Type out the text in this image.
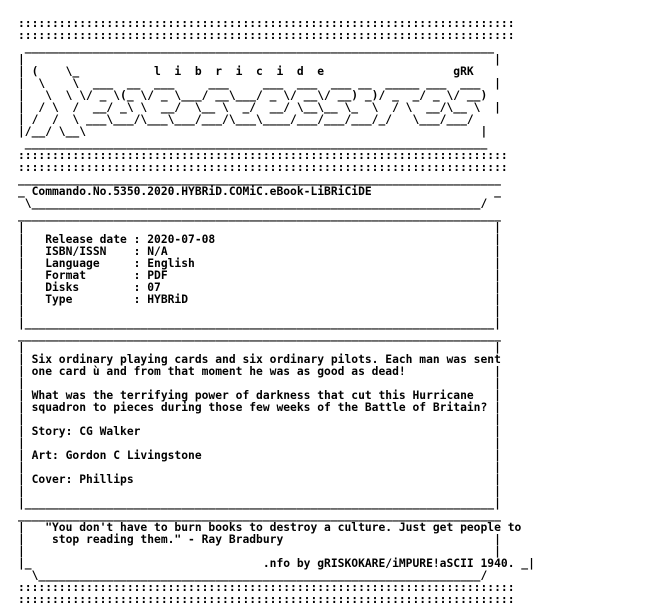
:::::::::::::::::::::::::::::::::::::::::::::::::::::::::::::::::::::::::
:::::::::::::::::::::::::::::::::::::::::::::::::::::::::::::::::::::::::
_____________________________________________________________________
|                                                                     |
| (    \_           l  i  b  r  i  c  i  d  e                   gRK
|  \    \  ___  __  ___     ___     ___  ___  ___ __  _____ ___  ___  |
|   \  \ \/ _ \(_ \/ _ \___/ __\___/ _ \/ __\/ __) _)/ _  _/ _ \/ __)
|  / \  /  __/ _\ \  __/  \__ \  _/  __/ \__\__ \_  \  / \  __/\__ \  |
| /  /  \ ___\___/\___\___/___/\___\____/___/___/___/_/   \___/___/
|/__/ \__\                                                          |
____________________________________________________________________
::::::::::::::::::::::::::::::::::::::::::::::::::::::::::::::::::::::::
::::::::::::::::::::::::::::::::::::::::::::::::::::::::::::::::::::::::
_______________________________________________________________________
_ Commando.No.5350.2020.HYBRiD.COMiC.eBook-LiBRiCiDE                  _
\__________________________________________________________________/
_______________________________________________________________________
|                                                                     |
|   Release date : 2020-07-08                                         |
|   ISBN/ISSN    : N/A                                                |
|   Language     : English                                            |
|   Format       : PDF                                                |
|   Disks        : 07                                                 |
|   Type         : HYBRiD                                             |
|                                                                     |
|_____________________________________________________________________|
_______________________________________________________________________
|                                                                     |
| Six ordinary playing cards and six ordinary pilots. Each man was sent
| one card ù and from that moment he was as good as dead!             |
|                                                                     |
| What was the terrifying power of darkness that cut this Hurricane   |
| squadron to pieces during those few weeks of the Battle of Britain? |
|                                                                     |
| Story: CG Walker                                                    |
|                                                                     |
| Art: Gordon C Livingstone                                           |
|                                                                     |
| Cover: Phillips                                                     |
|                                                                     |
|_____________________________________________________________________|
_______________________________________________________________________
|   "You don't have to burn books to destroy a culture. Just get people to
|    stop reading them." - Ray Bradbury                               |
|                                                                     |
|_                                  .nfo by gRISKOKARE/iMPURE!aSCII 1940. _|
\_________________________________________________________________/
:::::::::::::::::::::::::::::::::::::::::::::::::::::::::::::::::::::::::
:::::::::::::::::::::::::::::::::::::::::::::::::::::::::::::::::::::::::
